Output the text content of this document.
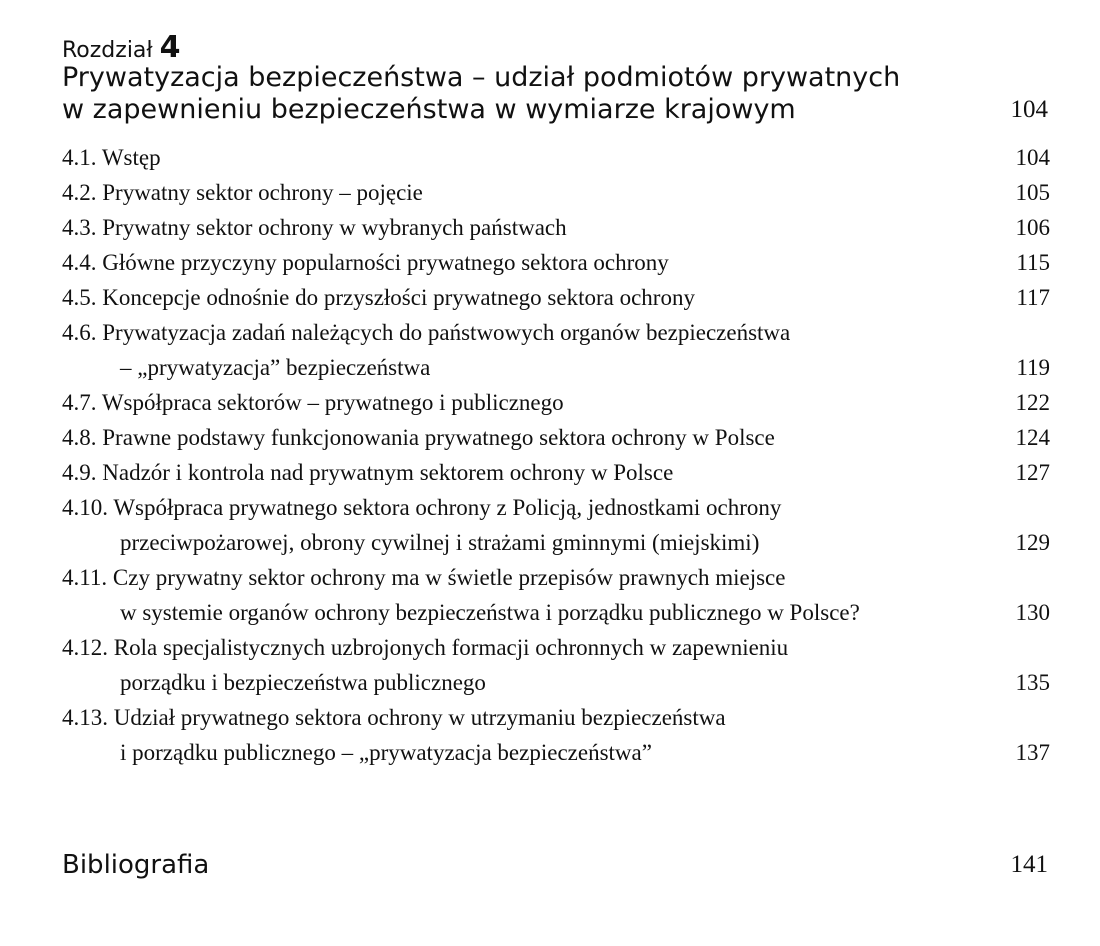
Rozdział 4
Prywatyzacja bezpieczeństwa – udział podmiotów prywatnych
w zapewnieniu bezpieczeństwa w wymiarze krajowym	104
4.1. Wstęp	104
4.2. Prywatny sektor ochrony – pojęcie	105
4.3. Prywatny sektor ochrony w wybranych państwach	106
4.4. Główne przyczyny popularności prywatnego sektora ochrony	115
4.5. Koncepcje odnośnie do przyszłości prywatnego sektora ochrony	117
4.6. Prywatyzacja zadań należących do państwowych organów bezpieczeństwa
– „prywatyzacja” bezpieczeństwa	119
4.7. Współpraca sektorów – prywatnego i publicznego	122
4.8. Prawne podstawy funkcjonowania prywatnego sektora ochrony w Polsce	124
4.9. Nadzór i kontrola nad prywatnym sektorem ochrony w Polsce	127
4.10. Współpraca prywatnego sektora ochrony z Policją, jednostkami ochrony
przeciwpożarowej, obrony cywilnej i strażami gminnymi (miejskimi)	129
4.11. Czy prywatny sektor ochrony ma w świetle przepisów prawnych miejsce
w systemie organów ochrony bezpieczeństwa i porządku publicznego w Polsce?	130
4.12. Rola specjalistycznych uzbrojonych formacji ochronnych w zapewnieniu
porządku i bezpieczeństwa publicznego	135
4.13. Udział prywatnego sektora ochrony w utrzymaniu bezpieczeństwa
i porządku publicznego – „prywatyzacja bezpieczeństwa”	137
Bibliografia	141
